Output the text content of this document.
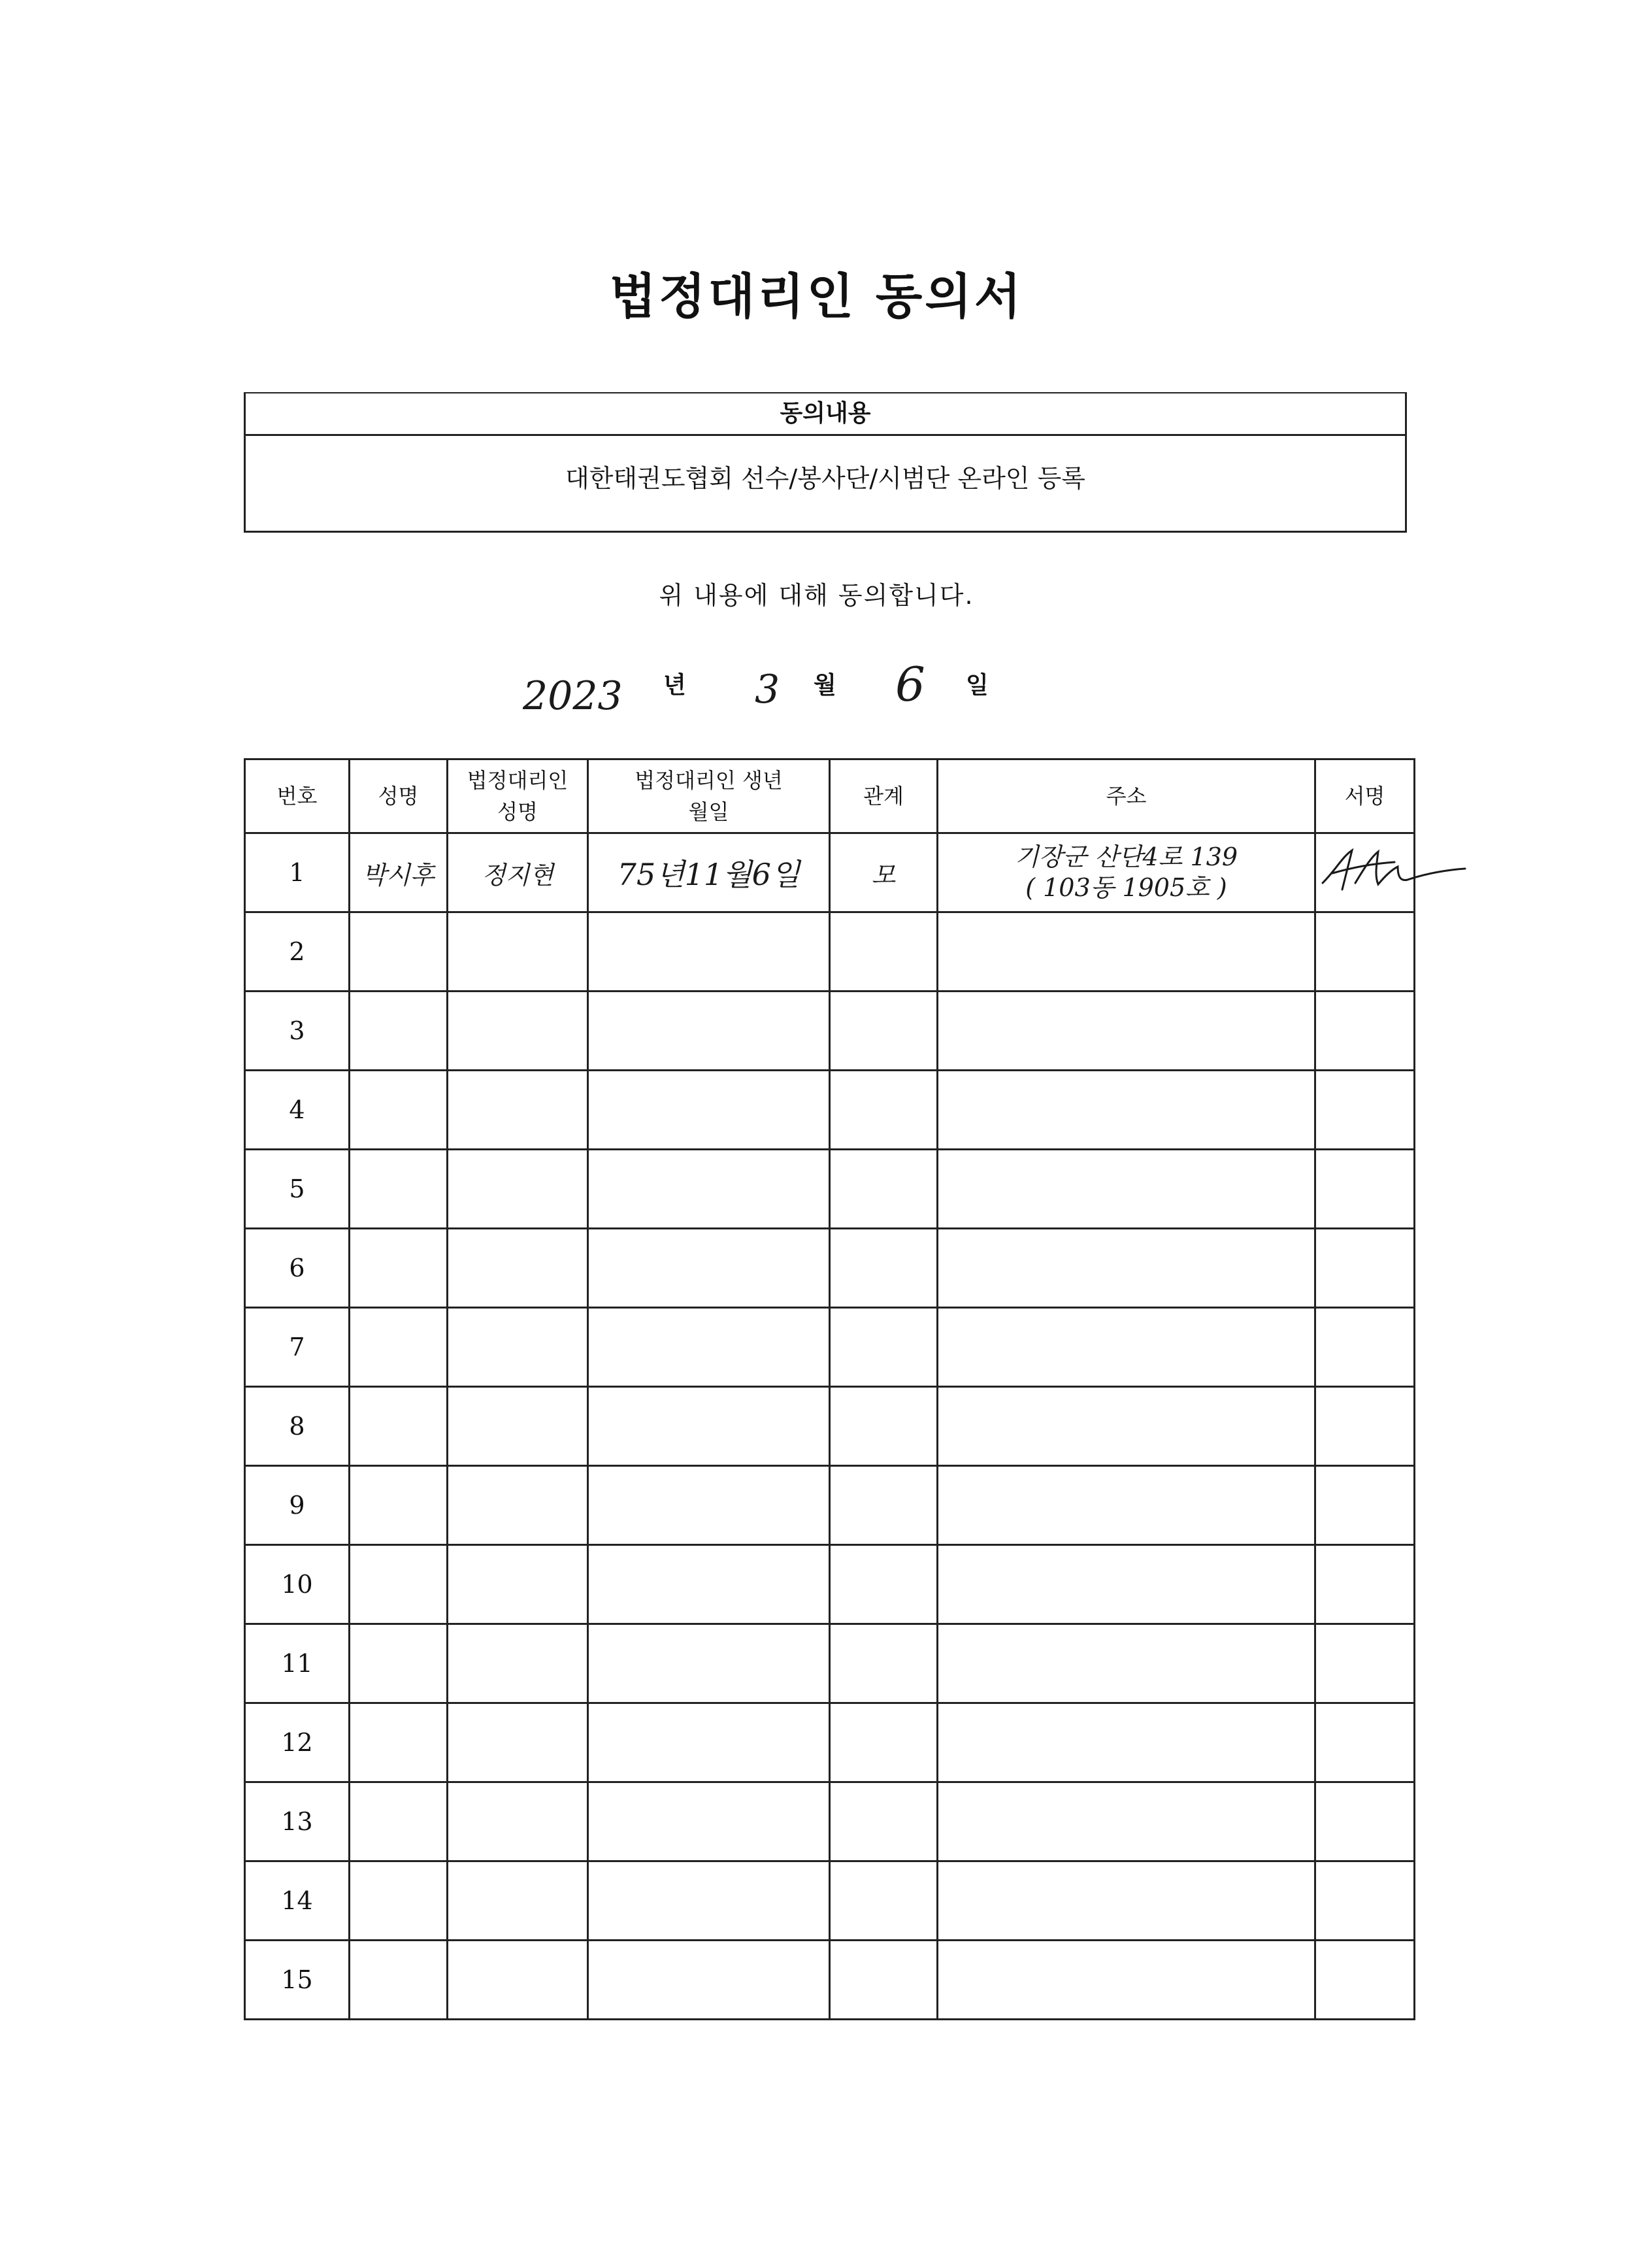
법정대리인 동의서
동의내용
대한태권도협회 선수/봉사단/시범단 온라인 등록
위 내용에 대해 동의합니다.
2023 년 3 월 6 일
번호	성명	법정대리인 성명	법정대리인 생년월일	관계	주소	서명
1	박시후	정지현	75년11월6일	모	기장군 산단4로 139
( 103동 1905호 )

2					

3					

4					

5					

6					

7					

8					

9					

10					

11					

12					

13					

14					

15					
